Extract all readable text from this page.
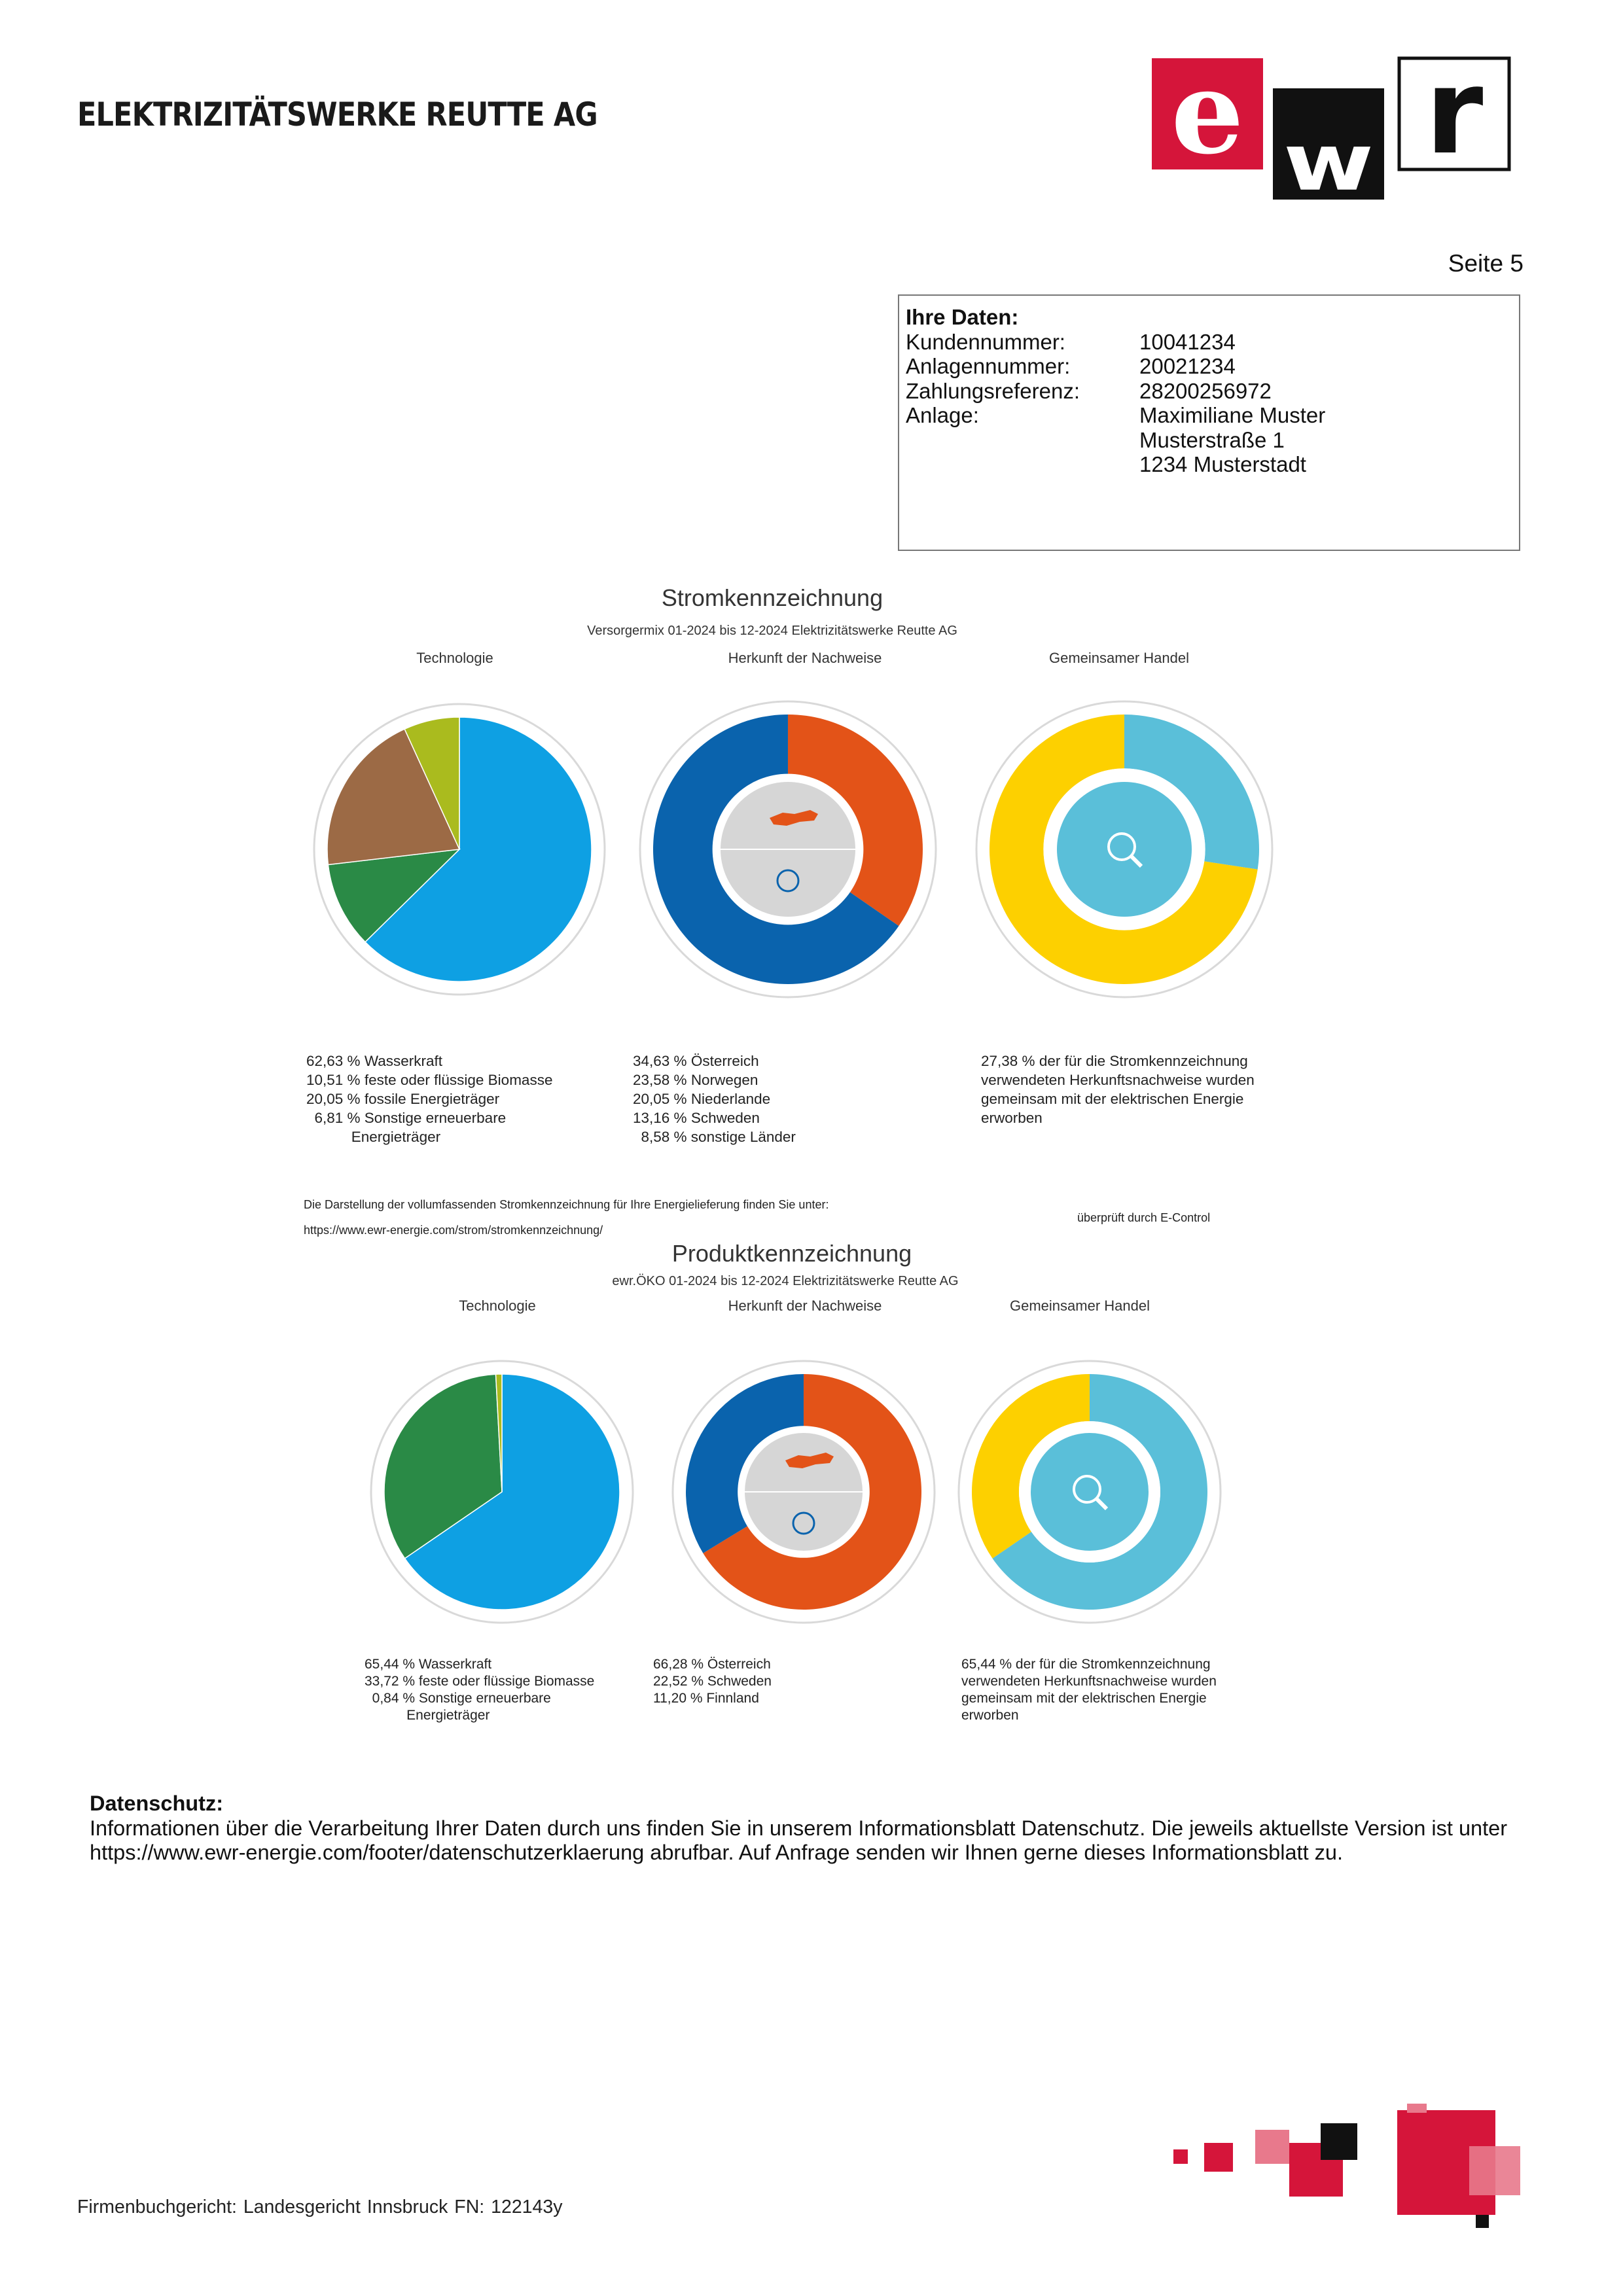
ELEKTRIZITÄTSWERKE REUTTE AG	e w r
Seite 5
Ihre Daten:
Kundennummer:	10041234
Anlagennummer:	20021234
Zahlungsreferenz:	28200256972
Anlage:	Maximiliane Muster
Musterstraße 1
1234 Musterstadt
Stromkennzeichnung
Versorgermix 01-2024 bis 12-2024 Elektrizitätswerke Reutte AG
Technologie	Herkunft der Nachweise	Gemeinsamer Handel
62,63 % Wasserkraft
10,51 % feste oder flüssige Biomasse
20,05 % fossile Energieträger
6,81 % Sonstige erneuerbare
Energieträger
34,63 % Österreich
23,58 % Norwegen
20,05 % Niederlande
13,16 % Schweden
8,58 % sonstige Länder
27,38 % der für die Stromkennzeichnung
verwendeten Herkunftsnachweise wurden
gemeinsam mit der elektrischen Energie
erworben
Die Darstellung der vollumfassenden Stromkennzeichnung für Ihre Energielieferung finden Sie unter:
https://www.ewr-energie.com/strom/stromkennzeichnung/
überprüft durch E-Control
Produktkennzeichnung
ewr.ÖKO 01-2024 bis 12-2024 Elektrizitätswerke Reutte AG
Technologie	Herkunft der Nachweise	Gemeinsamer Handel
65,44 % Wasserkraft
33,72 % feste oder flüssige Biomasse
0,84 % Sonstige erneuerbare
Energieträger
66,28 % Österreich
22,52 % Schweden
11,20 % Finnland
65,44 % der für die Stromkennzeichnung
verwendeten Herkunftsnachweise wurden
gemeinsam mit der elektrischen Energie
erworben
Datenschutz:
Informationen über die Verarbeitung Ihrer Daten durch uns finden Sie in unserem Informationsblatt Datenschutz. Die jeweils aktuellste Version ist unter https://www.ewr-energie.com/footer/datenschutzerklaerung abrufbar. Auf Anfrage senden wir Ihnen gerne dieses Informationsblatt zu.
Firmenbuchgericht: Landesgericht Innsbruck FN: 122143y
